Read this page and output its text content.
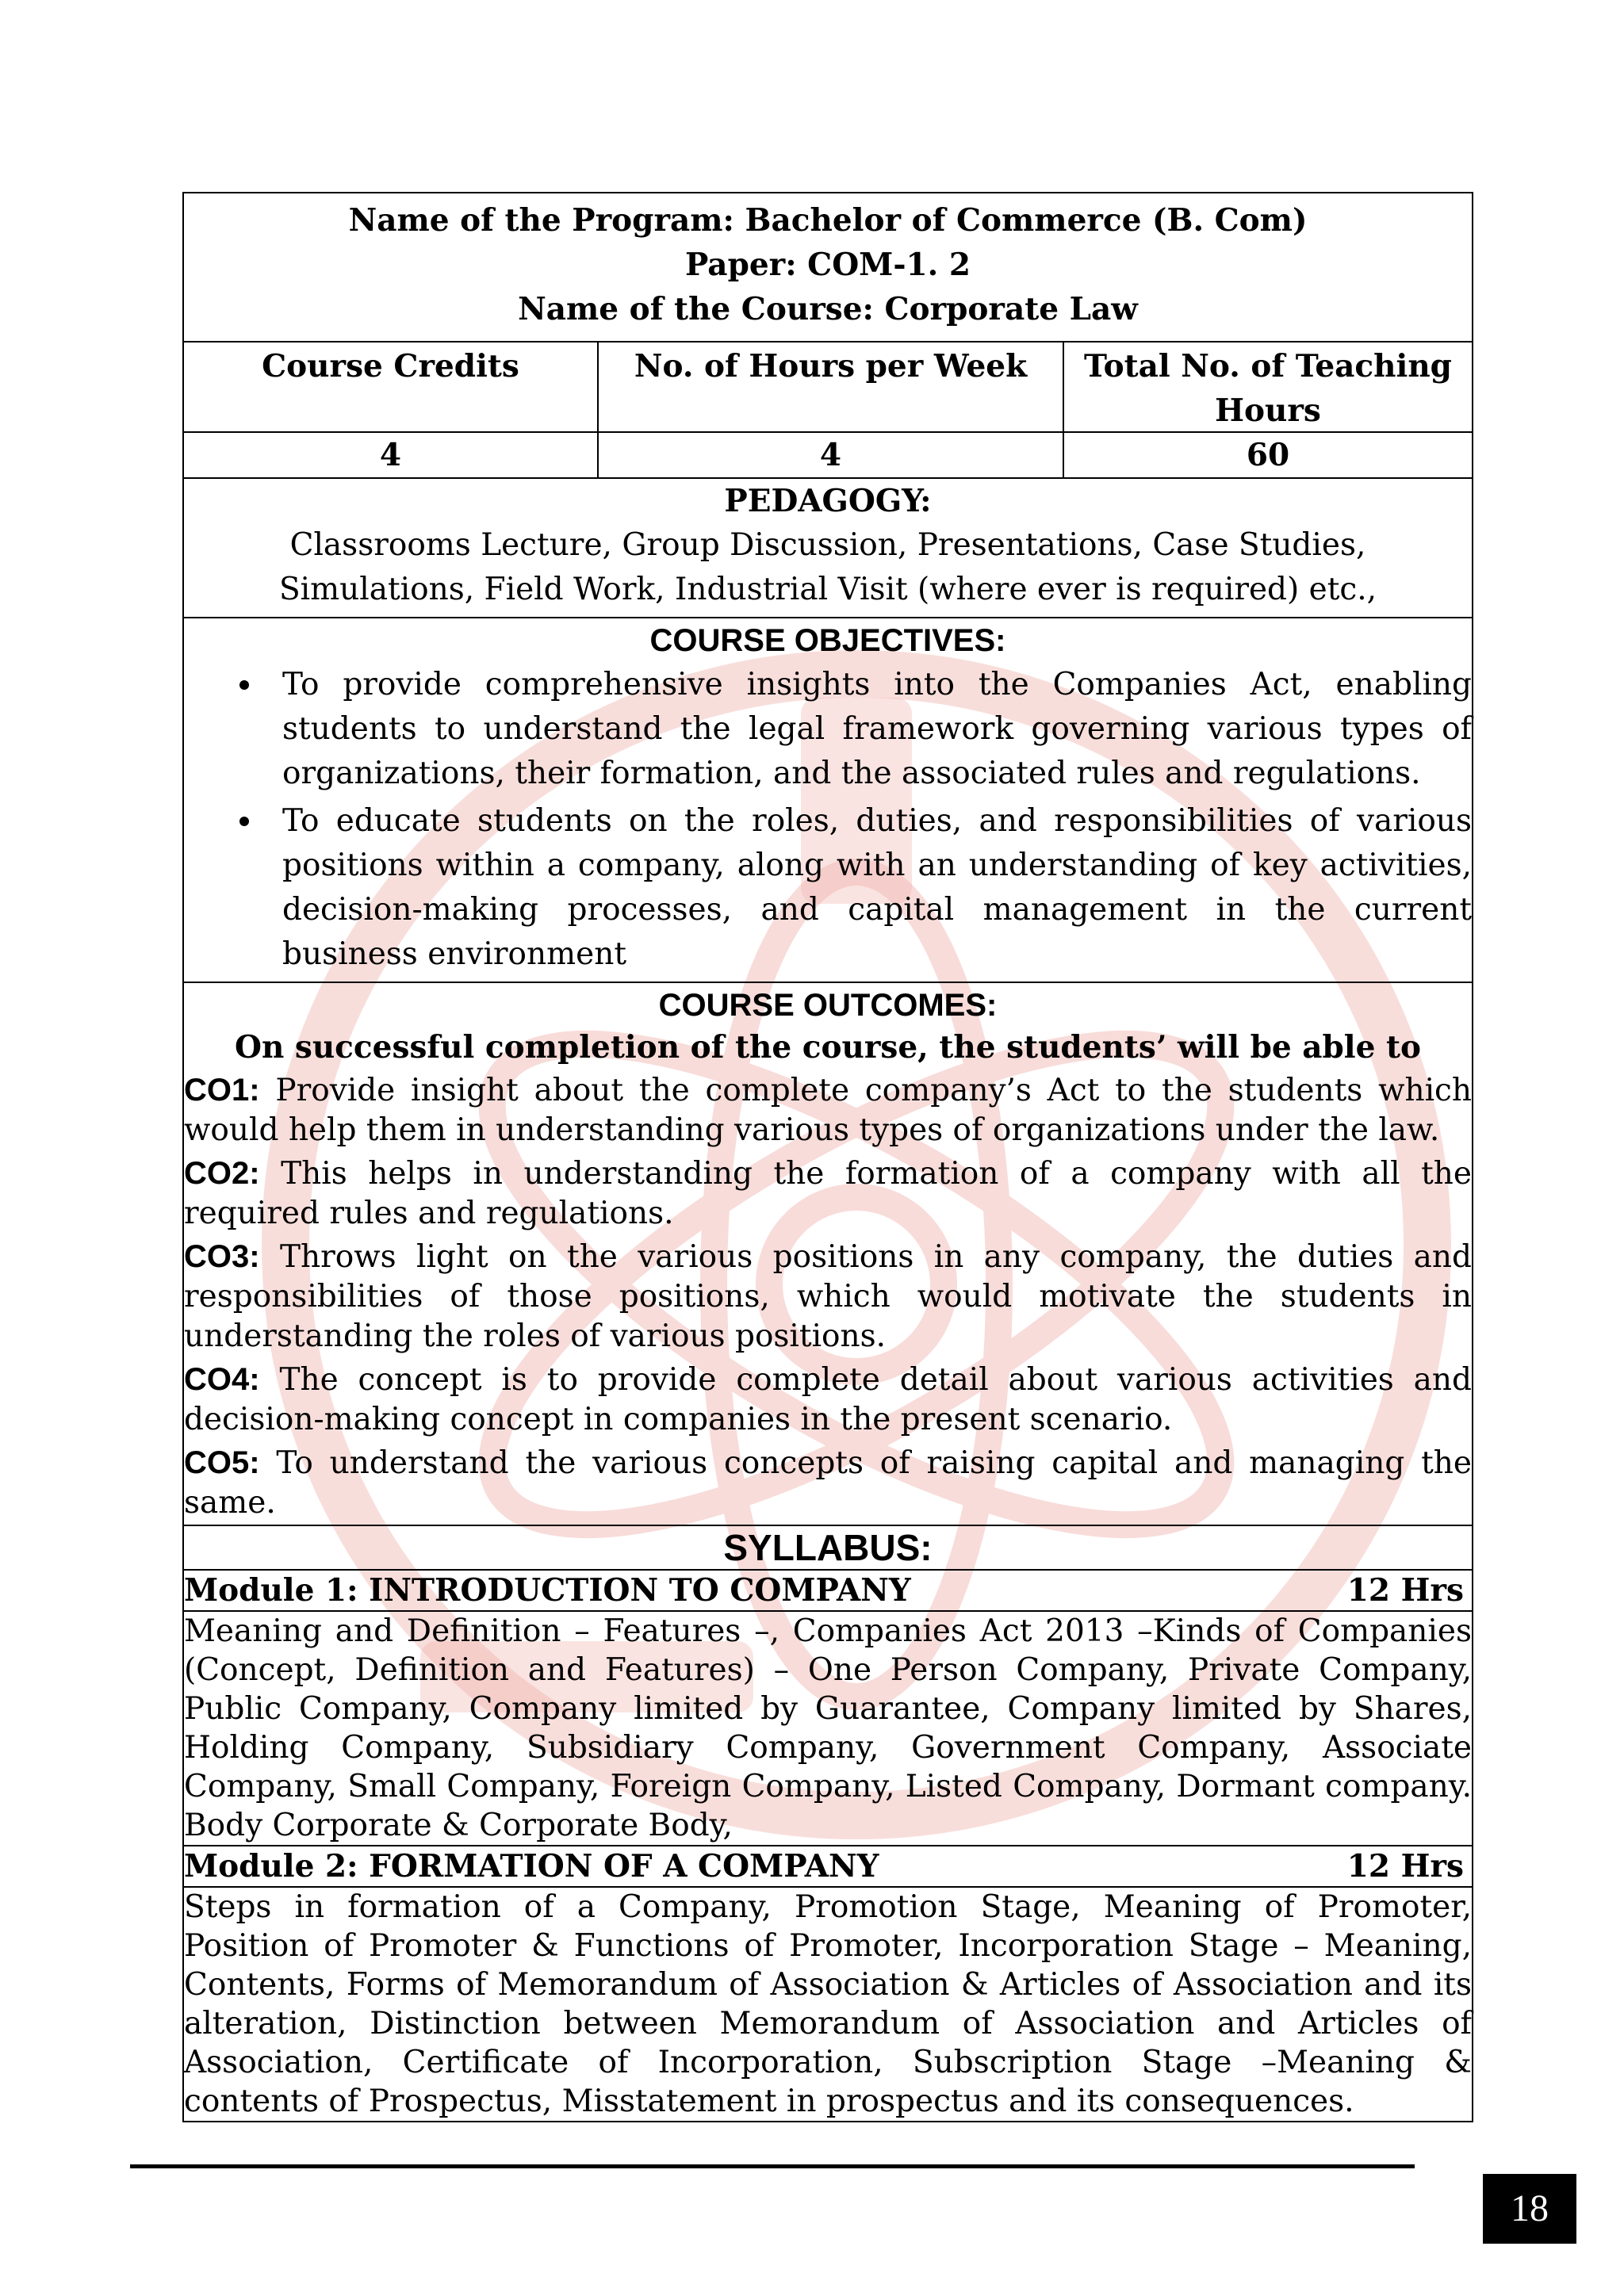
Name of the Program: Bachelor of Commerce (B. Com)
Paper: COM-1. 2
Name of the Course: Corporate Law
Course Credits	No. of Hours per Week	Total No. of Teaching Hours
4	4	60
PEDAGOGY:
Classrooms Lecture, Group Discussion, Presentations, Case Studies, Simulations, Field Work, Industrial Visit (where ever is required) etc.,
COURSE OBJECTIVES:
To provide comprehensive insights into the Companies Act, enabling students to understand the legal framework governing various types of organizations, their formation, and the associated rules and regulations.
To educate students on the roles, duties, and responsibilities of various positions within a company, along with an understanding of key activities, decision-making processes, and capital management in the current business environment
COURSE OUTCOMES:
On successful completion of the course, the students’ will be able to
CO1: Provide insight about the complete company’s Act to the students which would help them in understanding various types of organizations under the law.
CO2: This helps in understanding the formation of a company with all the required rules and regulations.
CO3: Throws light on the various positions in any company, the duties and responsibilities of those positions, which would motivate the students in understanding the roles of various positions.
CO4: The concept is to provide complete detail about various activities and decision-making concept in companies in the present scenario.
CO5: To understand the various concepts of raising capital and managing the same.
SYLLABUS:
Module 1: INTRODUCTION TO COMPANY	12 Hrs
Meaning and Definition – Features –, Companies Act 2013 –Kinds of Companies (Concept, Definition and Features) – One Person Company, Private Company, Public Company, Company limited by Guarantee, Company limited by Shares, Holding Company, Subsidiary Company, Government Company, Associate Company, Small Company, Foreign Company, Listed Company, Dormant company. Body Corporate & Corporate Body,
Module 2: FORMATION OF A COMPANY	12 Hrs
Steps in formation of a Company, Promotion Stage, Meaning of Promoter, Position of Promoter & Functions of Promoter, Incorporation Stage – Meaning, Contents, Forms of Memorandum of Association & Articles of Association and its alteration, Distinction between Memorandum of Association and Articles of Association, Certificate of Incorporation, Subscription Stage –Meaning & contents of Prospectus, Misstatement in prospectus and its consequences.
18
